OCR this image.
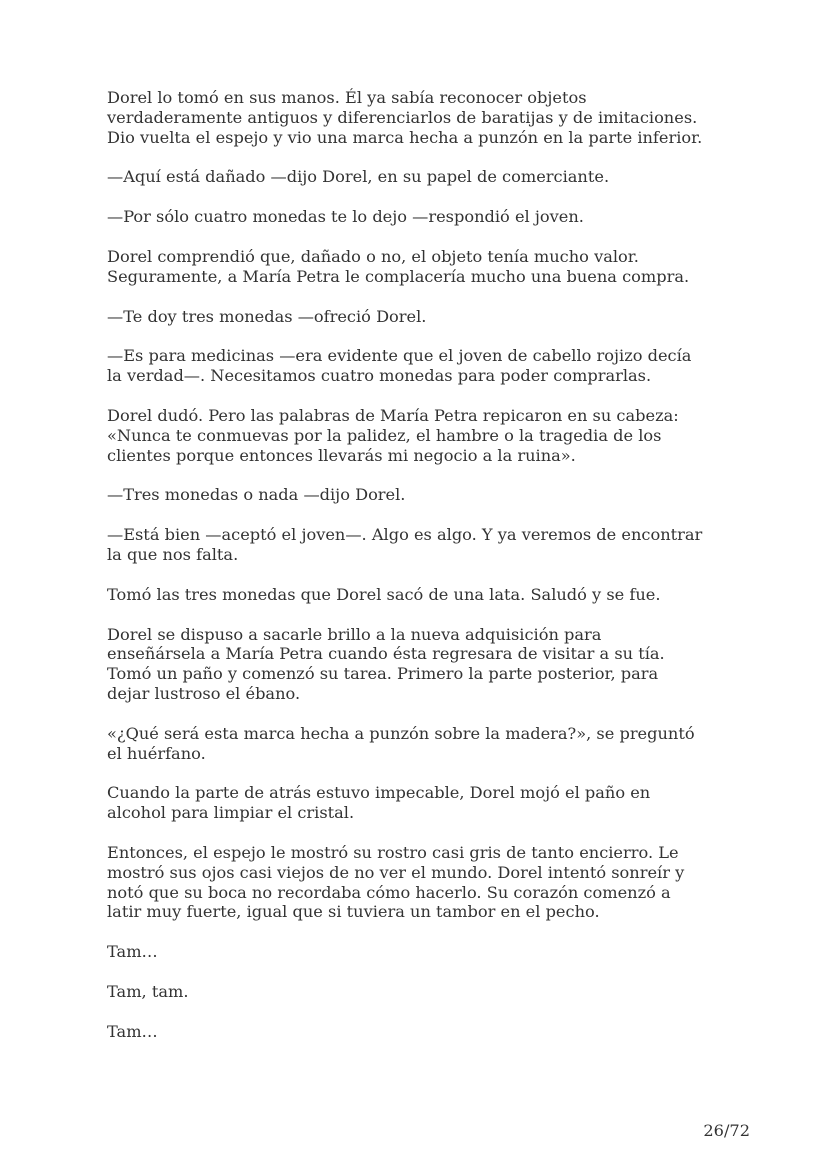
Dorel lo tomó en sus manos. Él ya sabía reconocer objetos
verdaderamente antiguos y diferenciarlos de baratijas y de imitaciones.
Dio vuelta el espejo y vio una marca hecha a punzón en la parte inferior.

—Aquí está dañado —dijo Dorel, en su papel de comerciante.

—Por sólo cuatro monedas te lo dejo —respondió el joven.

Dorel comprendió que, dañado o no, el objeto tenía mucho valor.
Seguramente, a María Petra le complacería mucho una buena compra.

—Te doy tres monedas —ofreció Dorel.

—Es para medicinas —era evidente que el joven de cabello rojizo decía
la verdad—. Necesitamos cuatro monedas para poder comprarlas.

Dorel dudó. Pero las palabras de María Petra repicaron en su cabeza:
«Nunca te conmuevas por la palidez, el hambre o la tragedia de los
clientes porque entonces llevarás mi negocio a la ruina».

—Tres monedas o nada —dijo Dorel.

—Está bien —aceptó el joven—. Algo es algo. Y ya veremos de encontrar
la que nos falta.

Tomó las tres monedas que Dorel sacó de una lata. Saludó y se fue.

Dorel se dispuso a sacarle brillo a la nueva adquisición para
enseñársela a María Petra cuando ésta regresara de visitar a su tía.
Tomó un paño y comenzó su tarea. Primero la parte posterior, para
dejar lustroso el ébano.

«¿Qué será esta marca hecha a punzón sobre la madera?», se preguntó
el huérfano.

Cuando la parte de atrás estuvo impecable, Dorel mojó el paño en
alcohol para limpiar el cristal.

Entonces, el espejo le mostró su rostro casi gris de tanto encierro. Le
mostró sus ojos casi viejos de no ver el mundo. Dorel intentó sonreír y
notó que su boca no recordaba cómo hacerlo. Su corazón comenzó a
latir muy fuerte, igual que si tuviera un tambor en el pecho.

Tam…

Tam, tam.

Tam…

26/72
